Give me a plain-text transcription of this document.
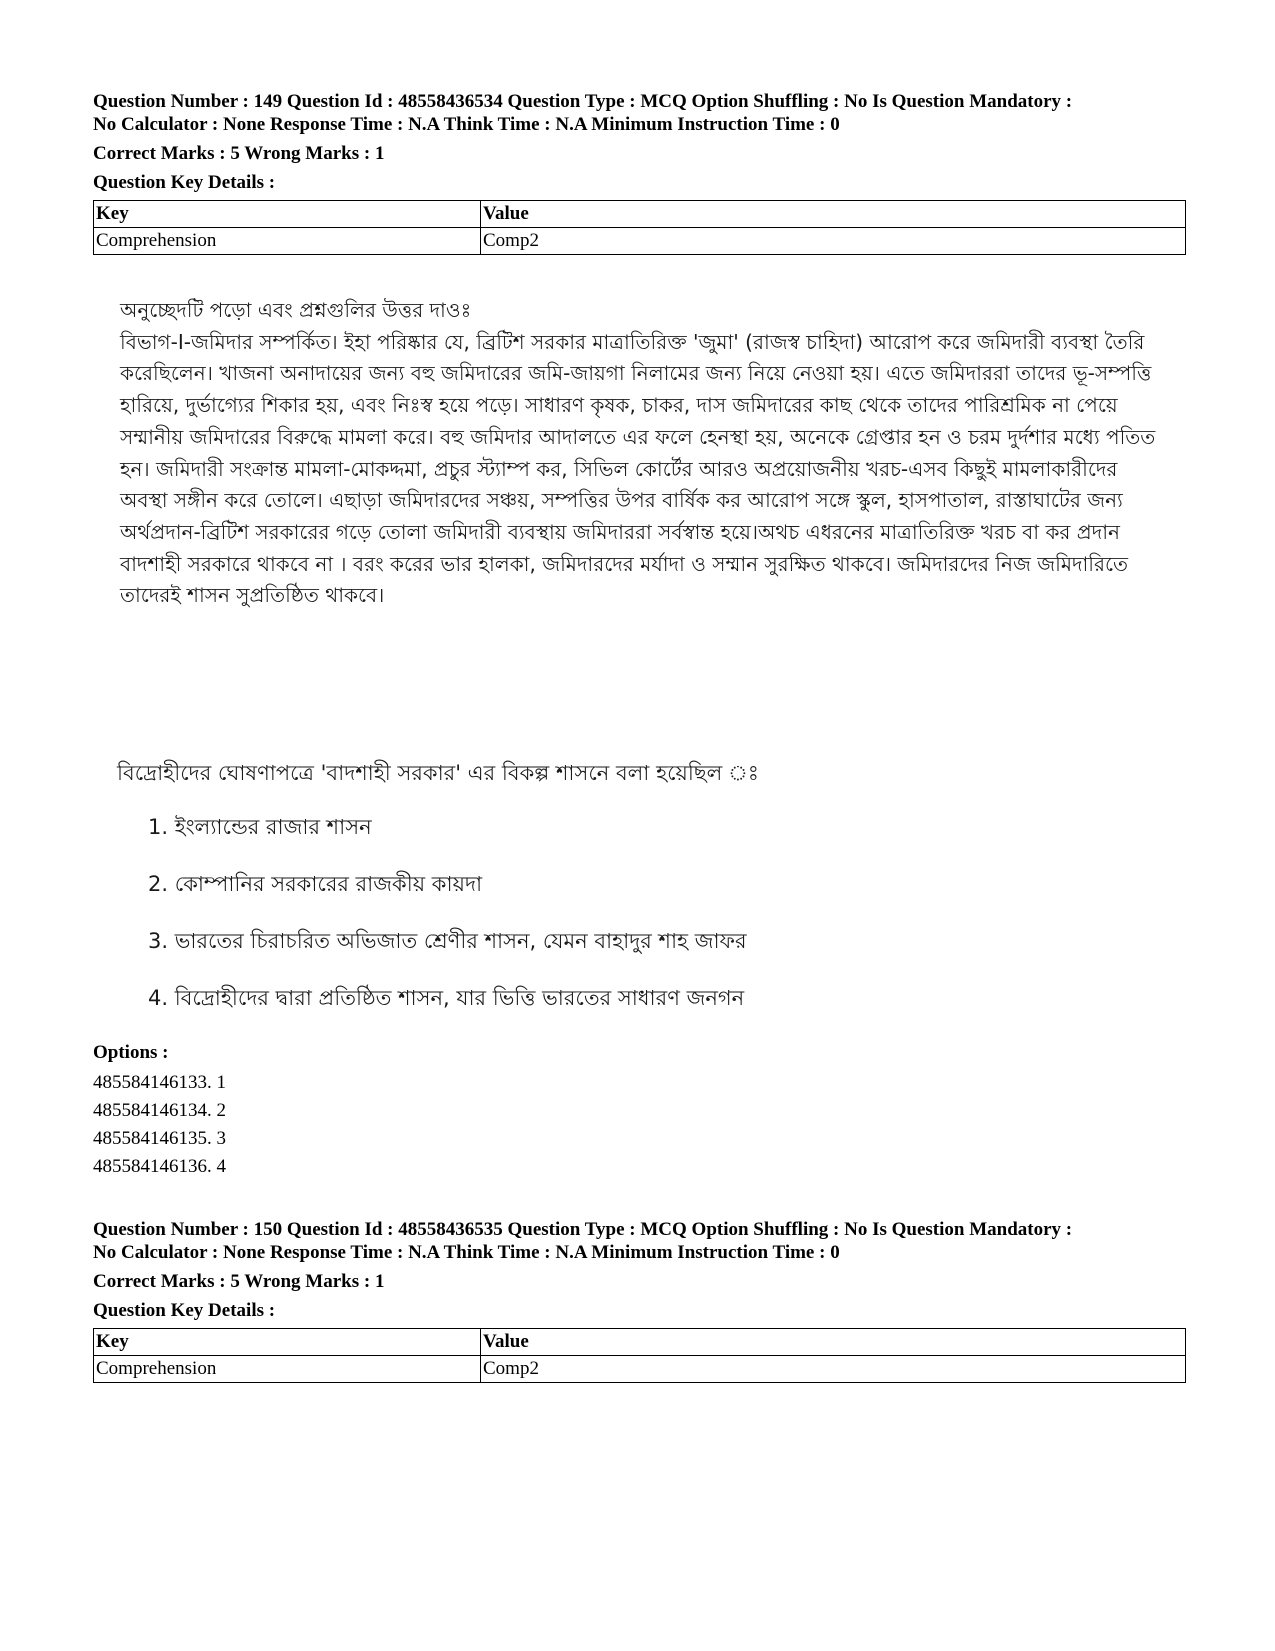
Question Number : 149 Question Id : 48558436534 Question Type : MCQ Option Shuffling : No Is Question Mandatory :

No Calculator : None Response Time : N.A Think Time : N.A Minimum Instruction Time : 0

Correct Marks : 5 Wrong Marks : 1

Question Key Details :

Key	Value
Comprehension	Comp2

অনুচ্ছেদটি পড়ো এবং প্রশ্নগুলির উত্তর দাওঃ

বিভাগ-I-জমিদার সম্পর্কিত। ইহা পরিষ্কার যে, ব্রিটিশ সরকার মাত্রাতিরিক্ত 'জুমা' (রাজস্ব চাহিদা) আরোপ করে জমিদারী ব্যবস্থা তৈরি করেছিলেন। খাজনা অনাদায়ের জন্য বহু জমিদারের জমি-জায়গা নিলামের জন্য নিয়ে নেওয়া হয়। এতে জমিদাররা তাদের ভূ-সম্পত্তি হারিয়ে, দুর্ভাগ্যের শিকার হয়, এবং নিঃস্ব হয়ে পড়ে। সাধারণ কৃষক, চাকর, দাস জমিদারের কাছ থেকে তাদের পারিশ্রমিক না পেয়ে সম্মানীয় জমিদারের বিরুদ্ধে মামলা করে। বহু জমিদার আদালতে এর ফলে হেনস্থা হয়, অনেকে গ্রেপ্তার হন ও চরম দুর্দশার মধ্যে পতিত হন। জমিদারী সংক্রান্ত মামলা-মোকদ্দমা, প্রচুর স্ট্যাম্প কর, সিভিল কোর্টের আরও অপ্রয়োজনীয় খরচ-এসব কিছুই মামলাকারীদের অবস্থা সঙ্গীন করে তোলে। এছাড়া জমিদারদের সঞ্চয়, সম্পত্তির উপর বার্ষিক কর আরোপ সঙ্গে স্কুল, হাসপাতাল, রাস্তাঘাটের জন্য অর্থপ্রদান-ব্রিটিশ সরকারের গড়ে তোলা জমিদারী ব্যবস্থায় জমিদাররা সর্বস্বান্ত হয়ে।অথচ এধরনের মাত্রাতিরিক্ত খরচ বা কর প্রদান বাদশাহী সরকারে থাকবে না । বরং করের ভার হালকা, জমিদারদের মর্যাদা ও সম্মান সুরক্ষিত থাকবে। জমিদারদের নিজ জমিদারিতে তাদেরই শাসন সুপ্রতিষ্ঠিত থাকবে।

বিদ্রোহীদের ঘোষণাপত্রে 'বাদশাহী সরকার' এর বিকল্প শাসনে বলা হয়েছিল ঃ

1. ইংল্যান্ডের রাজার শাসন
2. কোম্পানির সরকারের রাজকীয় কায়দা
3. ভারতের চিরাচরিত অভিজাত শ্রেণীর শাসন, যেমন বাহাদুর শাহ জাফর
4. বিদ্রোহীদের দ্বারা প্রতিষ্ঠিত শাসন, যার ভিত্তি ভারতের সাধারণ জনগন

Options :

485584146133. 1
485584146134. 2
485584146135. 3
485584146136. 4

Question Number : 150 Question Id : 48558436535 Question Type : MCQ Option Shuffling : No Is Question Mandatory :

No Calculator : None Response Time : N.A Think Time : N.A Minimum Instruction Time : 0

Correct Marks : 5 Wrong Marks : 1

Question Key Details :

Key	Value
Comprehension	Comp2
